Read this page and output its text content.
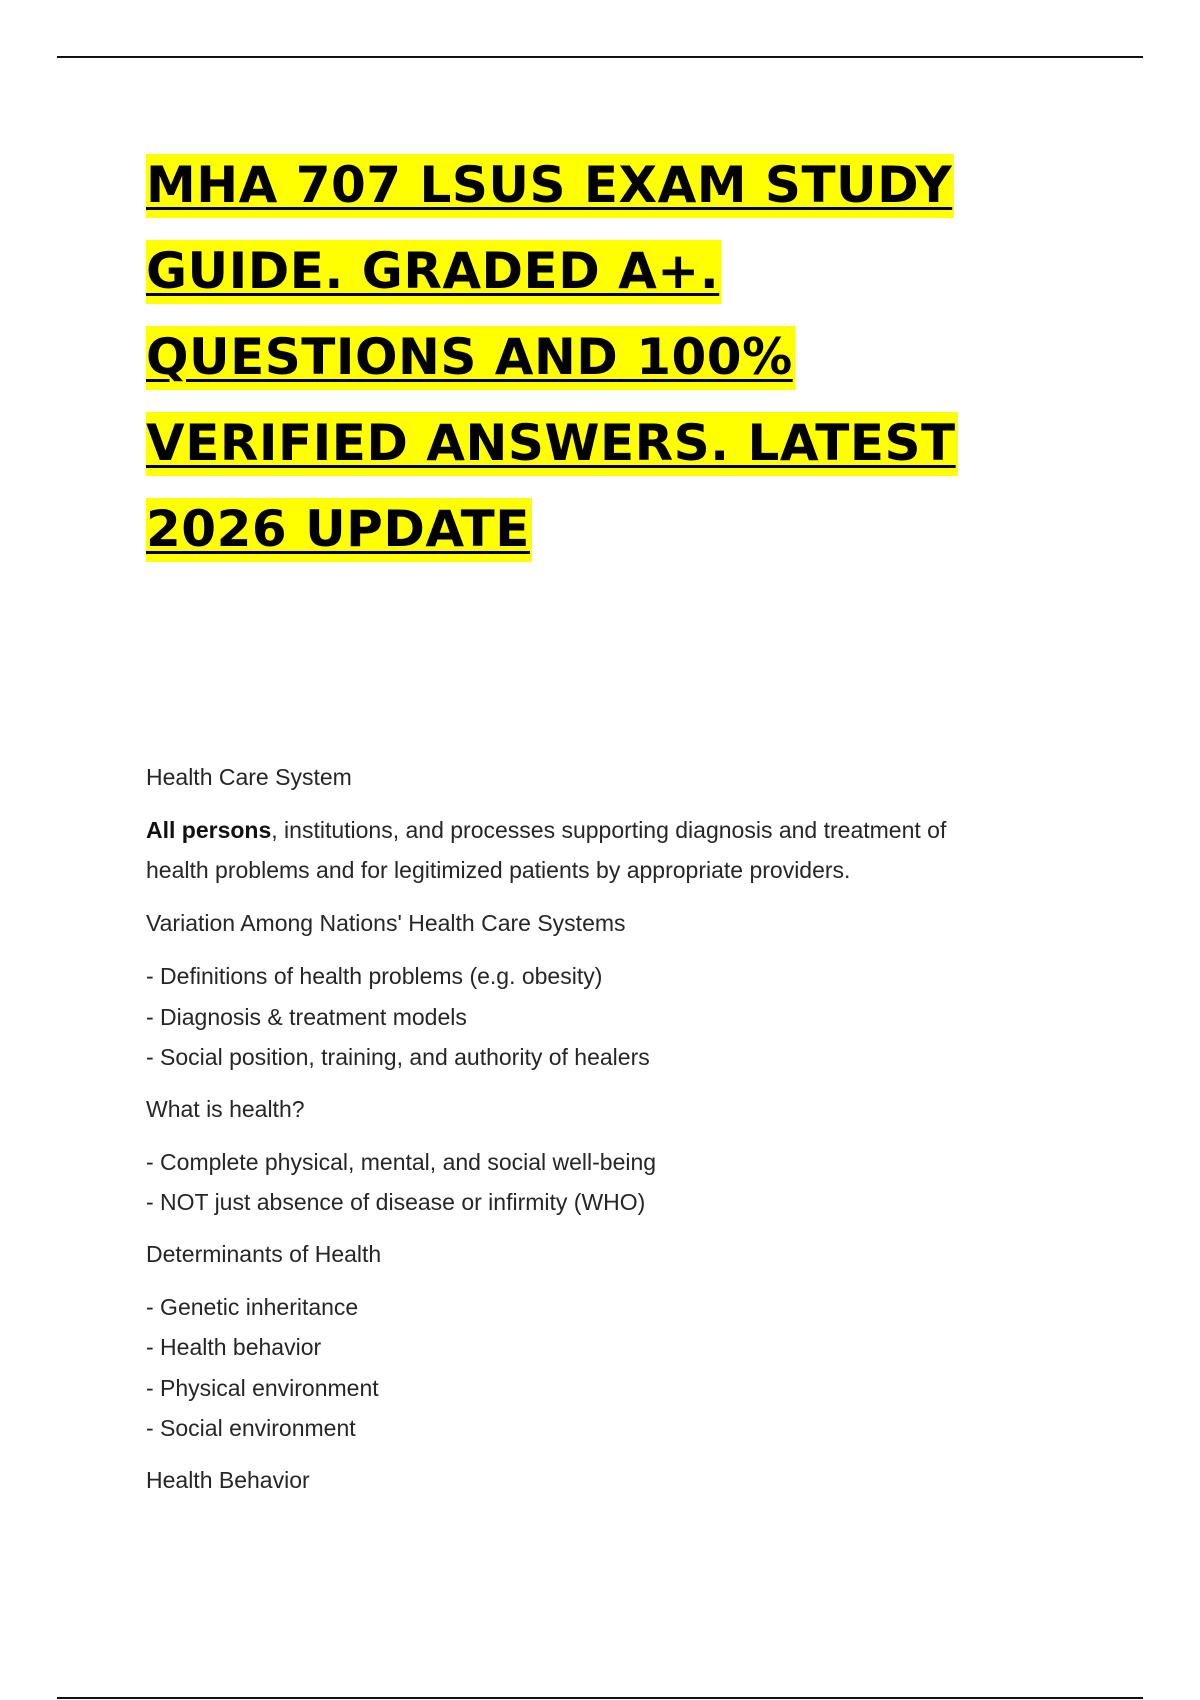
MHA 707 LSUS EXAM STUDY
GUIDE. GRADED A+.
QUESTIONS AND 100%
VERIFIED ANSWERS. LATEST
2026 UPDATE

Health Care System

All persons, institutions, and processes supporting diagnosis and treatment of
health problems and for legitimized patients by appropriate providers.

Variation Among Nations' Health Care Systems

- Definitions of health problems (e.g. obesity)
- Diagnosis & treatment models
- Social position, training, and authority of healers

What is health?

- Complete physical, mental, and social well-being
- NOT just absence of disease or infirmity (WHO)

Determinants of Health

- Genetic inheritance
- Health behavior
- Physical environment
- Social environment

Health Behavior
